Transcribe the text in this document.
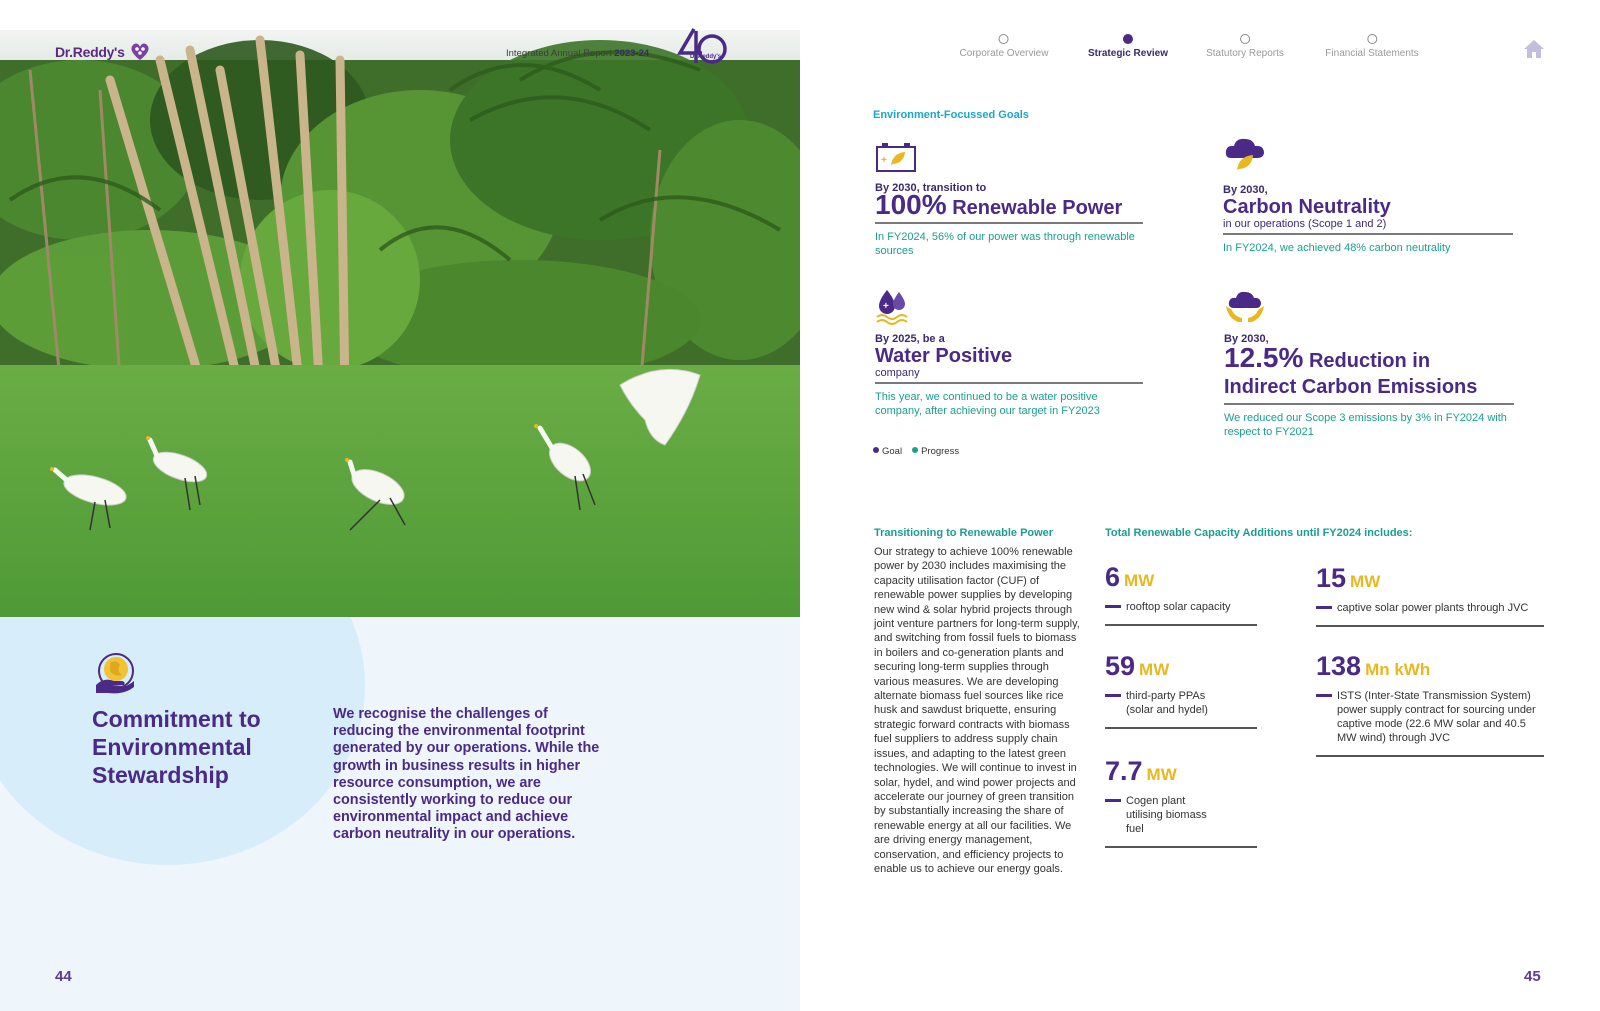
Dr.Reddy's	Integrated Annual Report 2023-24	Dr.Reddy's
Commitment to Environmental Stewardship
We recognise the challenges of reducing the environmental footprint generated by our operations. While the growth in business results in higher resource consumption, we are consistently working to reduce our environmental impact and achieve carbon neutrality in our operations.
44
Corporate Overview	Strategic Review	Statutory Reports	Financial Statements
Environment-Focussed Goals
+
By 2030, transition to
100% Renewable Power
In FY2024, 56% of our power was through renewable sources
By 2030,
Carbon Neutrality
in our operations (Scope 1 and 2)
In FY2024, we achieved 48% carbon neutrality
+
By 2025, be a
Water Positive
company
This year, we continued to be a water positive company, after achieving our target in FY2023
By 2030,
12.5% Reduction in
Indirect Carbon Emissions
We reduced our Scope 3 emissions by 3% in FY2024 with respect to FY2021
Goal	Progress
Transitioning to Renewable Power
Our strategy to achieve 100% renewable power by 2030 includes maximising the capacity utilisation factor (CUF) of renewable power supplies by developing new wind & solar hybrid projects through joint venture partners for long-term supply, and switching from fossil fuels to biomass in boilers and co-generation plants and securing long-term supplies through various measures. We are developing alternate biomass fuel sources like rice husk and sawdust briquette, ensuring strategic forward contracts with biomass fuel suppliers to address supply chain issues, and adapting to the latest green technologies. We will continue to invest in solar, hydel, and wind power projects and accelerate our journey of green transition by substantially increasing the share of renewable energy at all our facilities. We are driving energy management, conservation, and efficiency projects to enable us to achieve our energy goals.
Total Renewable Capacity Additions until FY2024 includes:
6 MW
rooftop solar capacity
15 MW
captive solar power plants through JVC
59 MW
third-party PPAs (solar and hydel)
138 Mn kWh
ISTS (Inter-State Transmission System) power supply contract for sourcing under captive mode (22.6 MW solar and 40.5 MW wind) through JVC
7.7 MW
Cogen plant utilising biomass fuel
45
